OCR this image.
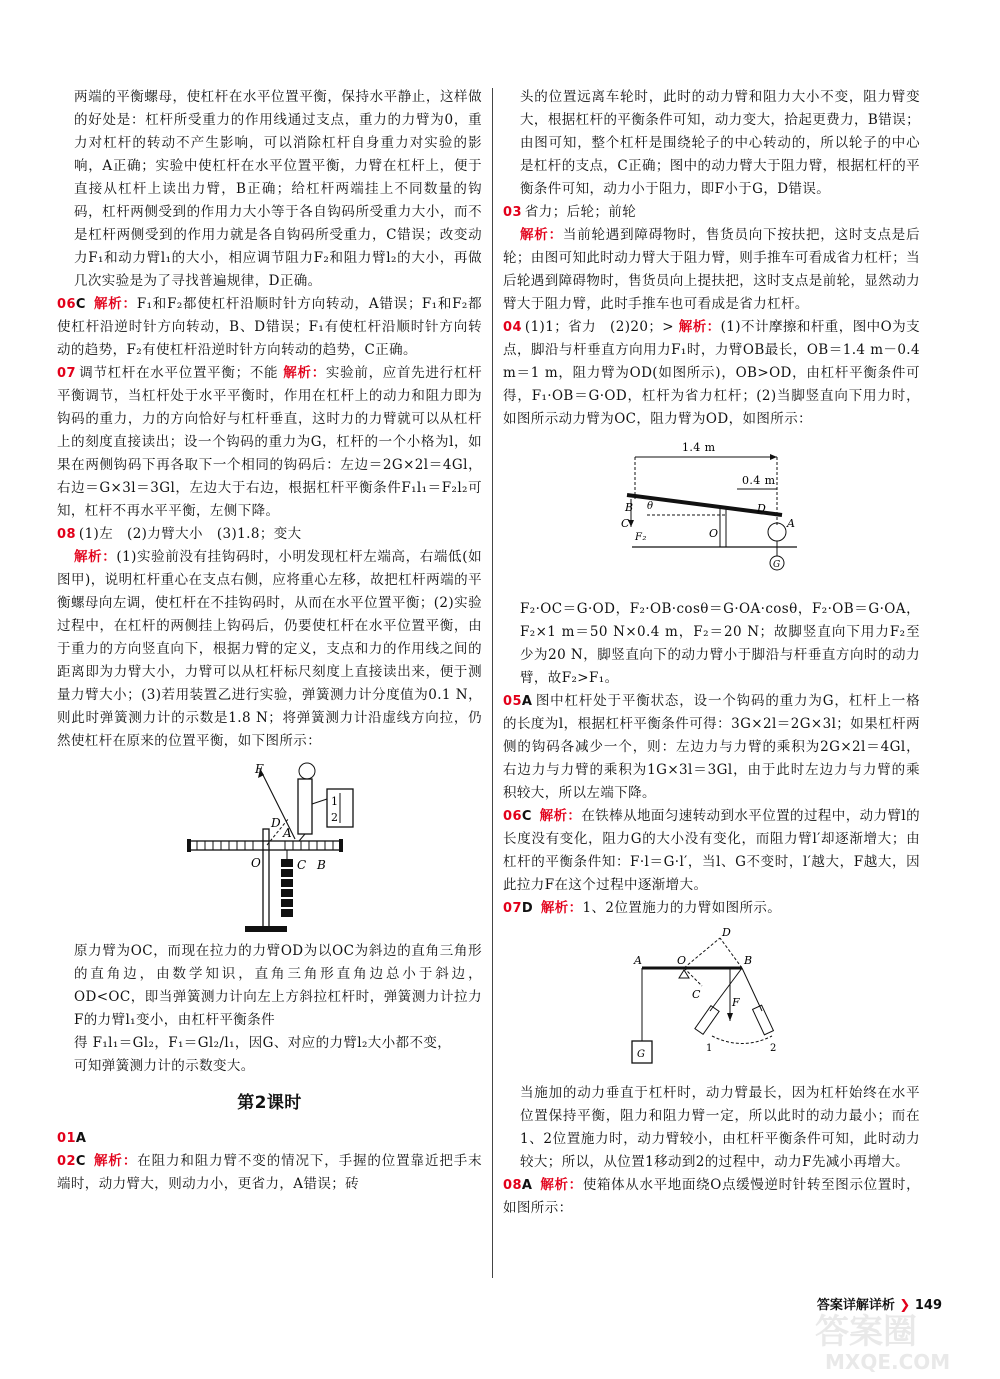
两端的平衡螺母，使杠杆在水平位置平衡，保持水平静止，这样做的好处是：杠杆所受重力的作用线通过支点，重力的力臂为0，重力对杠杆的转动不产生影响，可以消除杠杆自身重力对实验的影响，A正确；实验中使杠杆在水平位置平衡，力臂在杠杆上，便于直接从杠杆上读出力臂，B正确；给杠杆两端挂上不同数量的钩码，杠杆两侧受到的作用力大小等于各自钩码所受重力大小，而不是杠杆两侧受到的作用力就是各自钩码所受重力，C错误；改变动力F₁和动力臂l₁的大小，相应调节阻力F₂和阻力臂l₂的大小，再做几次实验是为了寻找普遍规律，D正确。
06C 解析：F₁和F₂都使杠杆沿顺时针方向转动，A错误；F₁和F₂都使杠杆沿逆时针方向转动，B、D错误；F₁有使杠杆沿顺时针方向转动的趋势，F₂有使杠杆沿逆时针方向转动的趋势，C正确。
07 调节杠杆在水平位置平衡；不能 解析：实验前，应首先进行杠杆平衡调节，当杠杆处于水平平衡时，作用在杠杆上的动力和阻力即为钩码的重力，力的方向恰好与杠杆垂直，这时力的力臂就可以从杠杆上的刻度直接读出；设一个钩码的重力为G，杠杆的一个小格为l，如果在两侧钩码下再各取下一个相同的钩码后：左边＝2G×2l＝4Gl，右边＝G×3l＝3Gl，左边大于右边，根据杠杆平衡条件F₁l₁＝F₂l₂可知，杠杆不再水平平衡，左侧下降。
08 (1)左　(2)力臂大小　(3)1.8；变大
解析：(1)实验前没有挂钩码时，小明发现杠杆左端高，右端低(如图甲)，说明杠杆重心在支点右侧，应将重心左移，故把杠杆两端的平衡螺母向左调，使杠杆在不挂钩码时，从而在水平位置平衡；(2)实验过程中，在杠杆的两侧挂上钩码后，仍要使杠杆在水平位置平衡，由于重力的方向竖直向下，根据力臂的定义，支点和力的作用线之间的距离即为力臂大小，力臂可以从杠杆标尺刻度上直接读出来，便于测量力臂大小；(3)若用装置乙进行实验，弹簧测力计分度值为0.1 N，则此时弹簧测力计的示数是1.8 N；将弹簧测力计沿虚线方向拉，仍然使杠杆在原来的位置平衡，如下图所示：
1
2
F
D
O
A
C B
原力臂为OC，而现在拉力的力臂OD为以OC为斜边的直角三角形的直角边，由数学知识，直角三角形直角边总小于斜边，OD<OC，即当弹簧测力计向左上方斜拉杠杆时，弹簧测力计拉力F的力臂l₁变小，由杠杆平衡条件
得 F₁l₁＝Gl₂，F₁＝Gl₂/l₁，因G、对应的力臂l₂大小都不变，
可知弹簧测力计的示数变大。
第2课时
01A
02C 解析：在阻力和阻力臂不变的情况下，手握的位置靠近把手末端时，动力臂大，则动力小，更省力，A错误；砖
头的位置远离车轮时，此时的动力臂和阻力大小不变，阻力臂变大，根据杠杆的平衡条件可知，动力变大，拾起更费力，B错误；由图可知，整个杠杆是围绕轮子的中心转动的，所以轮子的中心是杠杆的支点，C正确；图中的动力臂大于阻力臂，根据杠杆的平衡条件可知，动力小于阻力，即F小于G，D错误。
03 省力；后轮；前轮
解析：当前轮遇到障碍物时，售货员向下按扶把，这时支点是后轮；由图可知此时动力臂大于阻力臂，则手推车可看成省力杠杆；当后轮遇到障碍物时，售货员向上提扶把，这时支点是前轮，显然动力臂大于阻力臂，此时手推车也可看成是省力杠杆。
04 (1)1；省力　(2)20；> 解析：(1)不计摩擦和杆重，图中O为支点，脚沿与杆垂直方向用力F₁时，力臂OB最长，OB＝1.4 m－0.4 m＝1 m，阻力臂为OD(如图所示)，OB>OD，由杠杆平衡条件可得，F₁·OB＝G·OD，杠杆为省力杠杆；(2)当脚竖直向下用力时，如图所示动力臂为OC，阻力臂为OD，如图所示：
1.4 m
0.4 m
B
C
θ
O
D
A
F₂
G
F₂·OC＝G·OD，F₂·OB·cosθ＝G·OA·cosθ，F₂·OB＝G·OA，F₂×1 m＝50 N×0.4 m，F₂＝20 N；故脚竖直向下用力F₂至少为20 N，脚竖直向下的动力臂小于脚沿与杆垂直方向时的动力臂，故F₂>F₁。
05A 图中杠杆处于平衡状态，设一个钩码的重力为G，杠杆上一格的长度为l，根据杠杆平衡条件可得：3G×2l＝2G×3l；如果杠杆两侧的钩码各减少一个，则：左边力与力臂的乘积为2G×2l＝4Gl，右边力与力臂的乘积为1G×3l＝3Gl，由于此时左边力与力臂的乘积较大，所以左端下降。
06C 解析：在铁棒从地面匀速转动到水平位置的过程中，动力臂l的长度没有变化，阻力G的大小没有变化，而阻力臂l′却逐渐增大；由杠杆的平衡条件知：F·l＝G·l′，当l、G不变时，l′越大，F越大，因此拉力F在这个过程中逐渐增大。
07D 解析：1、2位置施力的力臂如图所示。
A	O	B
D
C
F
G
1	2
当施加的动力垂直于杠杆时，动力臂最长，因为杠杆始终在水平位置保持平衡，阻力和阻力臂一定，所以此时的动力最小；而在1、2位置施力时，动力臂较小，由杠杆平衡条件可知，此时动力较大；所以，从位置1移动到2的过程中，动力F先减小再增大。
08A 解析：使箱体从水平地面绕O点缓慢逆时针转至图示位置时，如图所示：
答案详解详析 ❯ 149
答案圈
MXQE.COM
